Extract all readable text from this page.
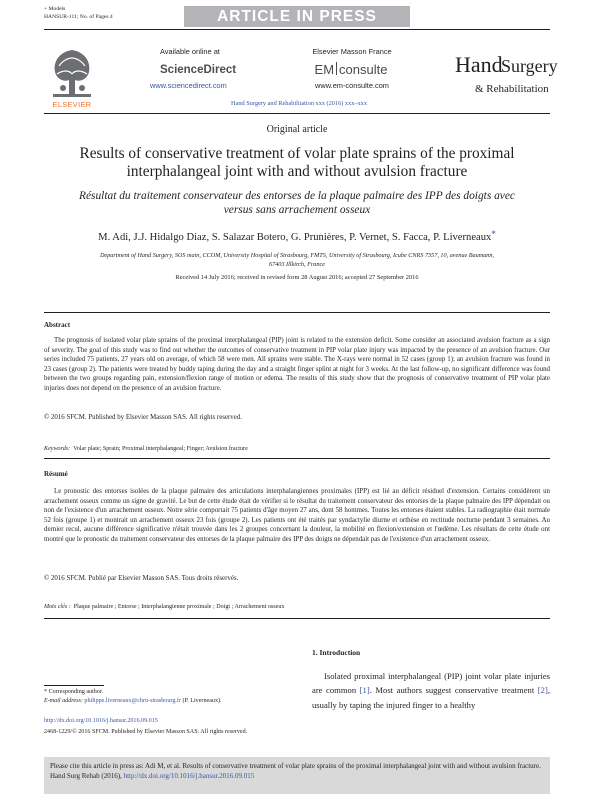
+ Models
HANSUR-111; No. of Pages 4	ARTICLE IN PRESS
ELSEVIER
Available online at
ScienceDirect
www.sciencedirect.com
Elsevier Masson France
EM consulte
www.em-consulte.com
Hand
Surgery
& Rehabilitation
Hand Surgery and Rehabilitation xxx (2016) xxx–xxx
Original article
Results of conservative treatment of volar plate sprains of the proximal
interphalangeal joint with and without avulsion fracture
Résultat du traitement conservateur des entorses de la plaque palmaire des IPP des doigts avec
versus sans arrachement osseux
M. Adi, J.J. Hidalgo Diaz, S. Salazar Botero, G. Prunières, P. Vernet, S. Facca, P. Liverneaux*
Department of Hand Surgery, SOS main, CCOM, University Hospital of Strasbourg, FMTS, University of Strasbourg, Icube CNRS 7357, 10, avenue Baumann,
67403 Illkirch, France
Received 14 July 2016; received in revised form 28 August 2016; accepted 27 September 2016
Abstract
The prognosis of isolated volar plate sprains of the proximal interphalangeal (PIP) joint is related to the extension deficit. Some consider an associated avulsion fracture as a sign of severity. The goal of this study was to find out whether the outcomes of conservative treatment in PIP volar plate injury was impacted by the presence of an avulsion fracture. Our series included 75 patients, 27 years old on average, of which 58 were men. All sprains were stable. The X-rays were normal in 52 cases (group 1); an avulsion fracture was found in 23 cases (group 2). The patients were treated by buddy taping during the day and a straight finger splint at night for 3 weeks. At the last follow-up, no significant difference was found between the two groups regarding pain, extension/flexion range of motion or edema. The results of this study show that the prognosis of conservative treatment of PIP volar plate injuries does not depend on the presence of an avulsion fracture.
© 2016 SFCM. Published by Elsevier Masson SAS. All rights reserved.
Keywords: Volar plate; Sprain; Proximal interphalangeal; Finger; Avulsion fracture
Résumé
Le pronostic des entorses isolées de la plaque palmaire des articulations interphalangiennes proximales (IPP) est lié au déficit résiduel d'extension. Certains considèrent un arrachement osseux comme un signe de gravité. Le but de cette étude était de vérifier si le résultat du traitement conservateur des entorses de la plaque palmaire des IPP dépendait ou non de l'existence d'un arrachement osseux. Notre série comportait 75 patients d'âge moyen 27 ans, dont 58 hommes. Toutes les entorses étaient stables. La radiographie était normale 52 fois (groupe 1) et montrait un arrachement osseux 23 fois (groupe 2). Les patients ont été traités par syndactylie diurne et orthèse en rectitude nocturne pendant 3 semaines. Au dernier recul, aucune différence significative n'était trouvée dans les 2 groupes concernant la douleur, la mobilité en flexion/extension et l'œdème. Les résultats de cette étude ont montré que le pronostic du traitement conservateur des entorses de la plaque palmaire des IPP des doigts ne dépendait pas de l'existence d'un arrachement osseux.
© 2016 SFCM. Publié par Elsevier Masson SAS. Tous droits réservés.
Mots clés : Plaque palmaire ; Entorse ; Interphalangienne proximale ; Doigt ; Arrachement osseux
1. Introduction
Isolated proximal interphalangeal (PIP) joint volar plate injuries are common [1]. Most authors suggest conservative treatment [2], usually by taping the injured finger to a healthy
* Corresponding author.
E-mail address: philippe.liverneaux@chru-strasbourg.fr (P. Liverneaux).
http://dx.doi.org/10.1016/j.hansur.2016.09.015
2468-1229/© 2016 SFCM. Published by Elsevier Masson SAS. All rights reserved.
Please cite this article in press as: Adi M, et al. Results of conservative treatment of volar plate sprains of the proximal interphalangeal joint with and without avulsion fracture. Hand Surg Rehab (2016), http://dx.doi.org/10.1016/j.hansur.2016.09.015
